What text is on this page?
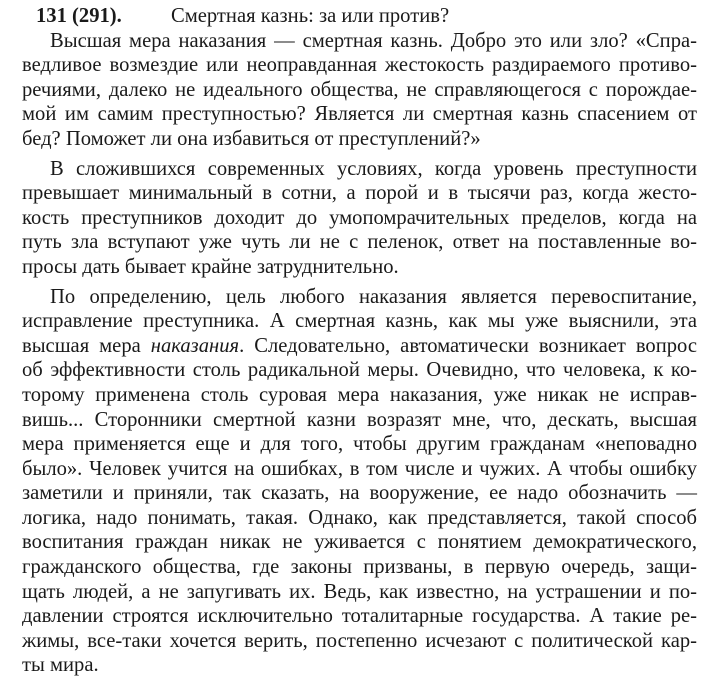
131 (291).	Смертная казнь: за или против?
Высшая мера наказания — смертная казнь. Добро это или зло? «Спра-
ведливое возмездие или неоправданная жестокость раздираемого противо-
речиями, далеко не идеального общества, не справляющегося с порождае-
мой им самим преступностью? Является ли смертная казнь спасением от
бед? Поможет ли она избавиться от преступлений?»
В сложившихся современных условиях, когда уровень преступности
превышает минимальный в сотни, а порой и в тысячи раз, когда жесто-
кость преступников доходит до умопомрачительных пределов, когда на
путь зла вступают уже чуть ли не с пеленок, ответ на поставленные во-
просы дать бывает крайне затруднительно.
По определению, цель любого наказания является перевоспитание,
исправление преступника. А смертная казнь, как мы уже выяснили, эта
высшая мера наказания. Следовательно, автоматически возникает вопрос
об эффективности столь радикальной меры. Очевидно, что человека, к ко-
торому применена столь суровая мера наказания, уже никак не исправ-
вишь... Сторонники смертной казни возразят мне, что, дескать, высшая
мера применяется еще и для того, чтобы другим гражданам «неповадно
было». Человек учится на ошибках, в том числе и чужих. А чтобы ошибку
заметили и приняли, так сказать, на вооружение, ее надо обозначить —
логика, надо понимать, такая. Однако, как представляется, такой способ
воспитания граждан никак не уживается с понятием демократического,
гражданского общества, где законы призваны, в первую очередь, защи-
щать людей, а не запугивать их. Ведь, как известно, на устрашении и по-
давлении строятся исключительно тоталитарные государства. А такие ре-
жимы, все-таки хочется верить, постепенно исчезают с политической кар-
ты мира.
